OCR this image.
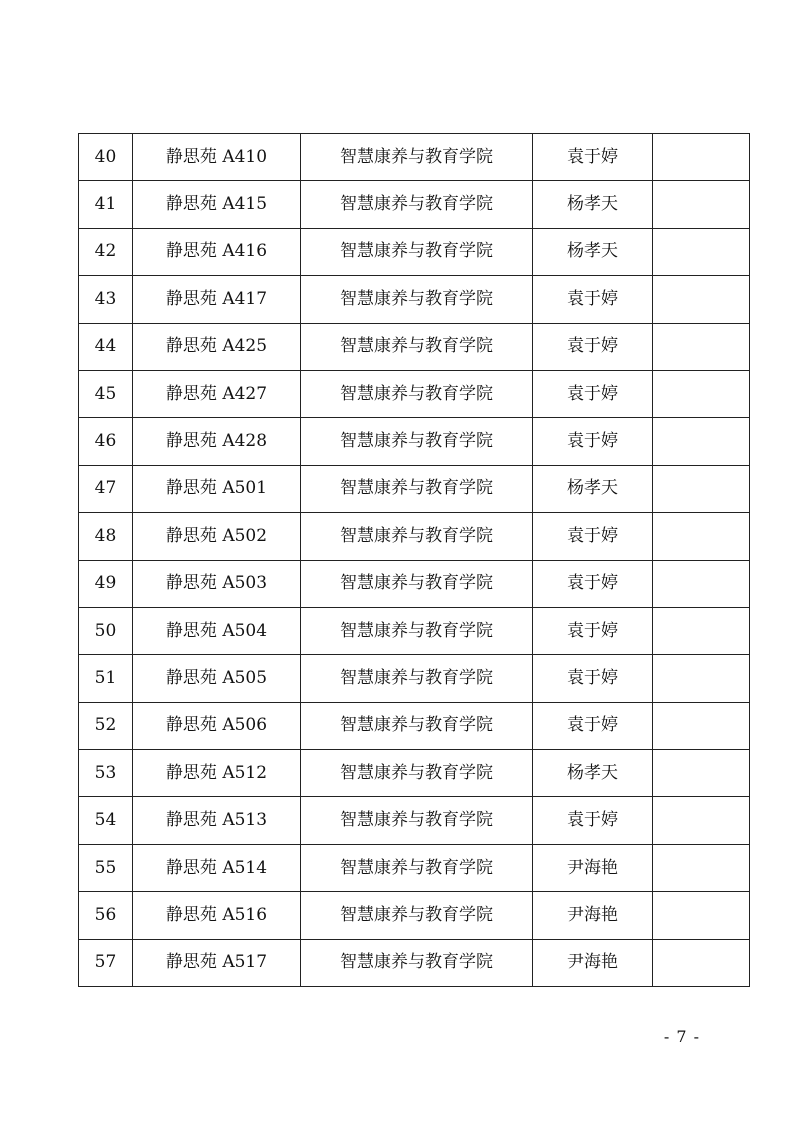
40	静思苑 A410	智慧康养与教育学院	袁于婷	
41	静思苑 A415	智慧康养与教育学院	杨孝天	
42	静思苑 A416	智慧康养与教育学院	杨孝天	
43	静思苑 A417	智慧康养与教育学院	袁于婷	
44	静思苑 A425	智慧康养与教育学院	袁于婷	
45	静思苑 A427	智慧康养与教育学院	袁于婷	
46	静思苑 A428	智慧康养与教育学院	袁于婷	
47	静思苑 A501	智慧康养与教育学院	杨孝天	
48	静思苑 A502	智慧康养与教育学院	袁于婷	
49	静思苑 A503	智慧康养与教育学院	袁于婷	
50	静思苑 A504	智慧康养与教育学院	袁于婷	
51	静思苑 A505	智慧康养与教育学院	袁于婷	
52	静思苑 A506	智慧康养与教育学院	袁于婷	
53	静思苑 A512	智慧康养与教育学院	杨孝天	
54	静思苑 A513	智慧康养与教育学院	袁于婷	
55	静思苑 A514	智慧康养与教育学院	尹海艳	
56	静思苑 A516	智慧康养与教育学院	尹海艳	
57	静思苑 A517	智慧康养与教育学院	尹海艳	
- 7 -
